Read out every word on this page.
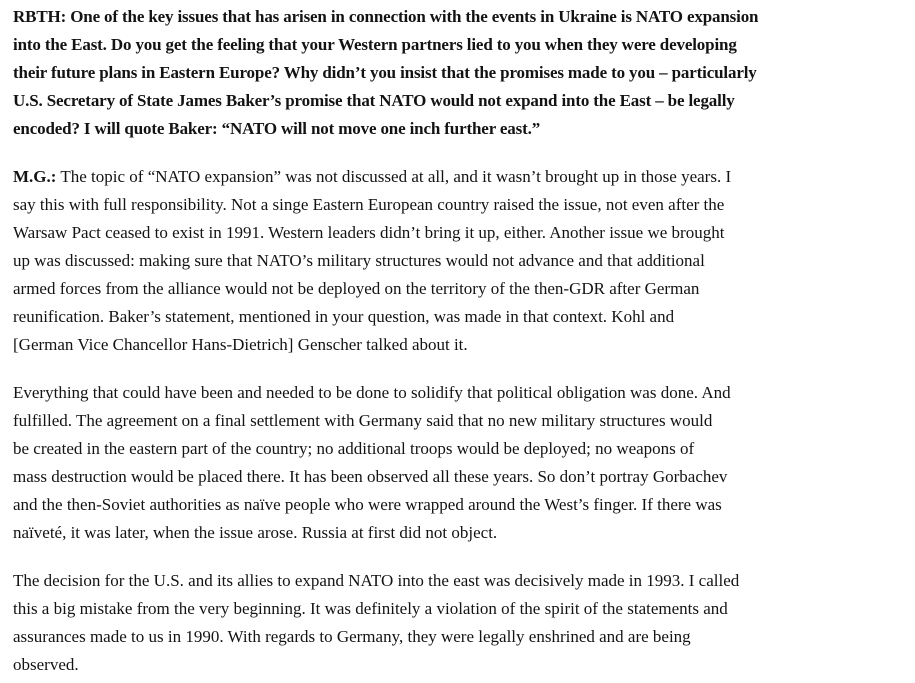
RBTH: One of the key issues that has arisen in connection with the events in Ukraine is NATO expansion
into the East. Do you get the feeling that your Western partners lied to you when they were developing
their future plans in Eastern Europe? Why didn’t you insist that the promises made to you – particularly
U.S. Secretary of State James Baker’s promise that NATO would not expand into the East – be legally
encoded? I will quote Baker: “NATO will not move one inch further east.”

M.G.: The topic of “NATO expansion” was not discussed at all, and it wasn’t brought up in those years. I
say this with full responsibility. Not a singe Eastern European country raised the issue, not even after the
Warsaw Pact ceased to exist in 1991. Western leaders didn’t bring it up, either. Another issue we brought
up was discussed: making sure that NATO’s military structures would not advance and that additional
armed forces from the alliance would not be deployed on the territory of the then-GDR after German
reunification. Baker’s statement, mentioned in your question, was made in that context. Kohl and
[German Vice Chancellor Hans-Dietrich] Genscher talked about it.

Everything that could have been and needed to be done to solidify that political obligation was done. And
fulfilled. The agreement on a final settlement with Germany said that no new military structures would
be created in the eastern part of the country; no additional troops would be deployed; no weapons of
mass destruction would be placed there. It has been observed all these years. So don’t portray Gorbachev
and the then-Soviet authorities as naïve people who were wrapped around the West’s finger. If there was
naïveté, it was later, when the issue arose. Russia at first did not object.

The decision for the U.S. and its allies to expand NATO into the east was decisively made in 1993. I called
this a big mistake from the very beginning. It was definitely a violation of the spirit of the statements and
assurances made to us in 1990. With regards to Germany, they were legally enshrined and are being
observed.
